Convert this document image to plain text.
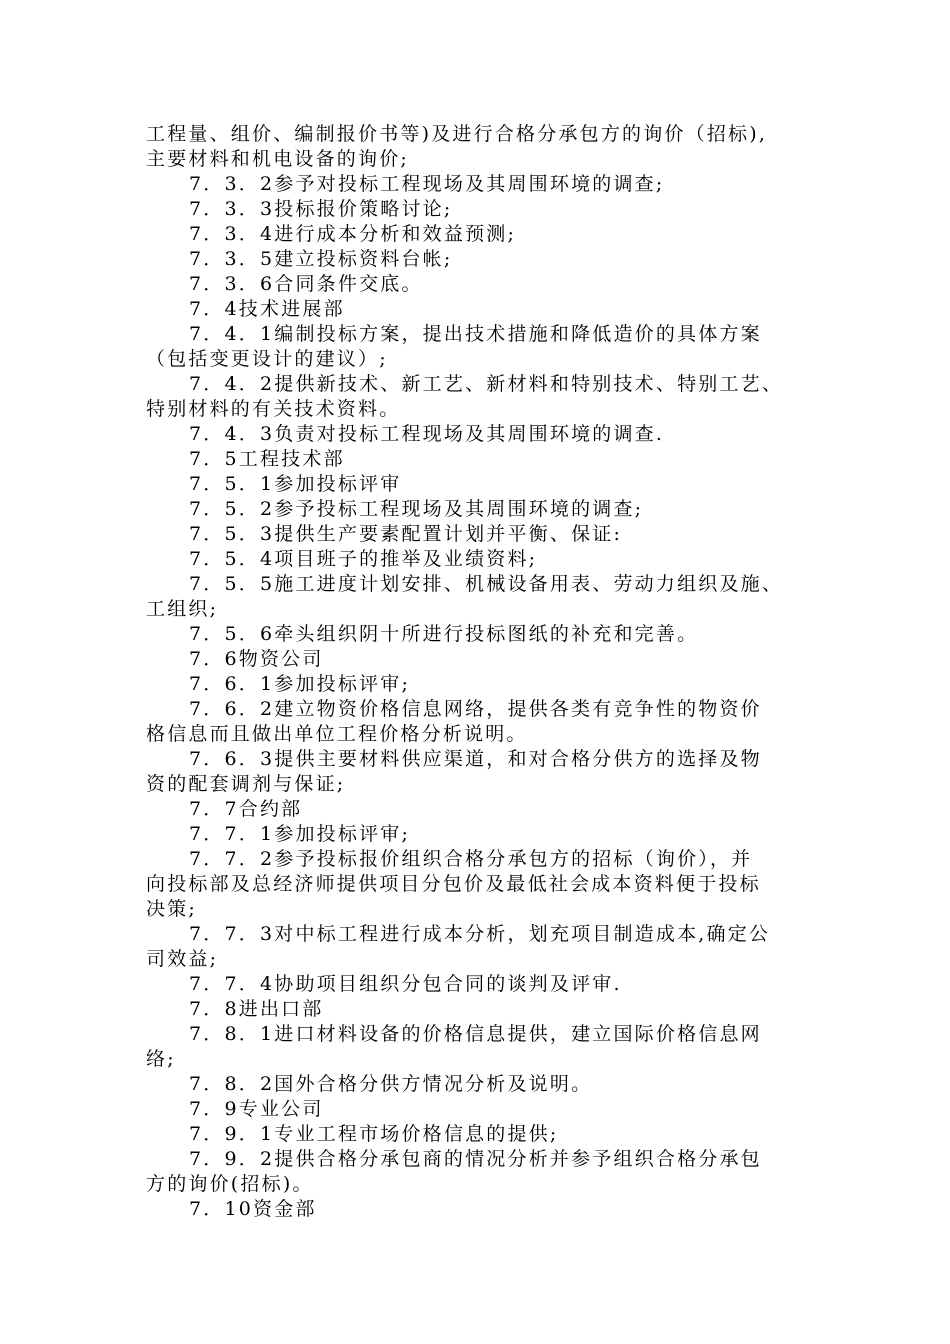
工程量、组价、编制报价书等)及进行合格分承包方的询价（招标),
主要材料和机电设备的询价;
7．3．2参予对投标工程现场及其周围环境的调查;
7．3．3投标报价策略讨论;
7．3．4进行成本分析和效益预测;
7．3．5建立投标资料台帐;
7．3．6合同条件交底。
7．4技术进展部
7．4．1编制投标方案，提出技术措施和降低造价的具体方案
（包括变更设计的建议）;
7．4．2提供新技术、新工艺、新材料和特别技术、特别工艺、
特别材料的有关技术资料。
7．4．3负责对投标工程现场及其周围环境的调查.
7．5工程技术部
7．5．1参加投标评审
7．5．2参予投标工程现场及其周围环境的调查;
7．5．3提供生产要素配置计划并平衡、保证:
7．5．4项目班子的推举及业绩资料;
7．5．5施工进度计划安排、机械设备用表、劳动力组织及施、
工组织;
7．5．6牵头组织阴十所进行投标图纸的补充和完善。
7．6物资公司
7．6．1参加投标评审;
7．6．2建立物资价格信息网络，提供各类有竞争性的物资价
格信息而且做出单位工程价格分析说明。
7．6．3提供主要材料供应渠道，和对合格分供方的选择及物
资的配套调剂与保证;
7．7合约部
7．7．1参加投标评审;
7．7．2参予投标报价组织合格分承包方的招标（询价），并
向投标部及总经济师提供项目分包价及最低社会成本资料便于投标
决策;
7．7．3对中标工程进行成本分析，划充项目制造成本,确定公
司效益;
7．7．4协助项目组织分包合同的谈判及评审.
7．8进出口部
7．8．1进口材料设备的价格信息提供，建立国际价格信息网
络;
7．8．2国外合格分供方情况分析及说明。
7．9专业公司
7．9．1专业工程市场价格信息的提供;
7．9．2提供合格分承包商的情况分析并参予组织合格分承包
方的询价(招标)。
7．10资金部
